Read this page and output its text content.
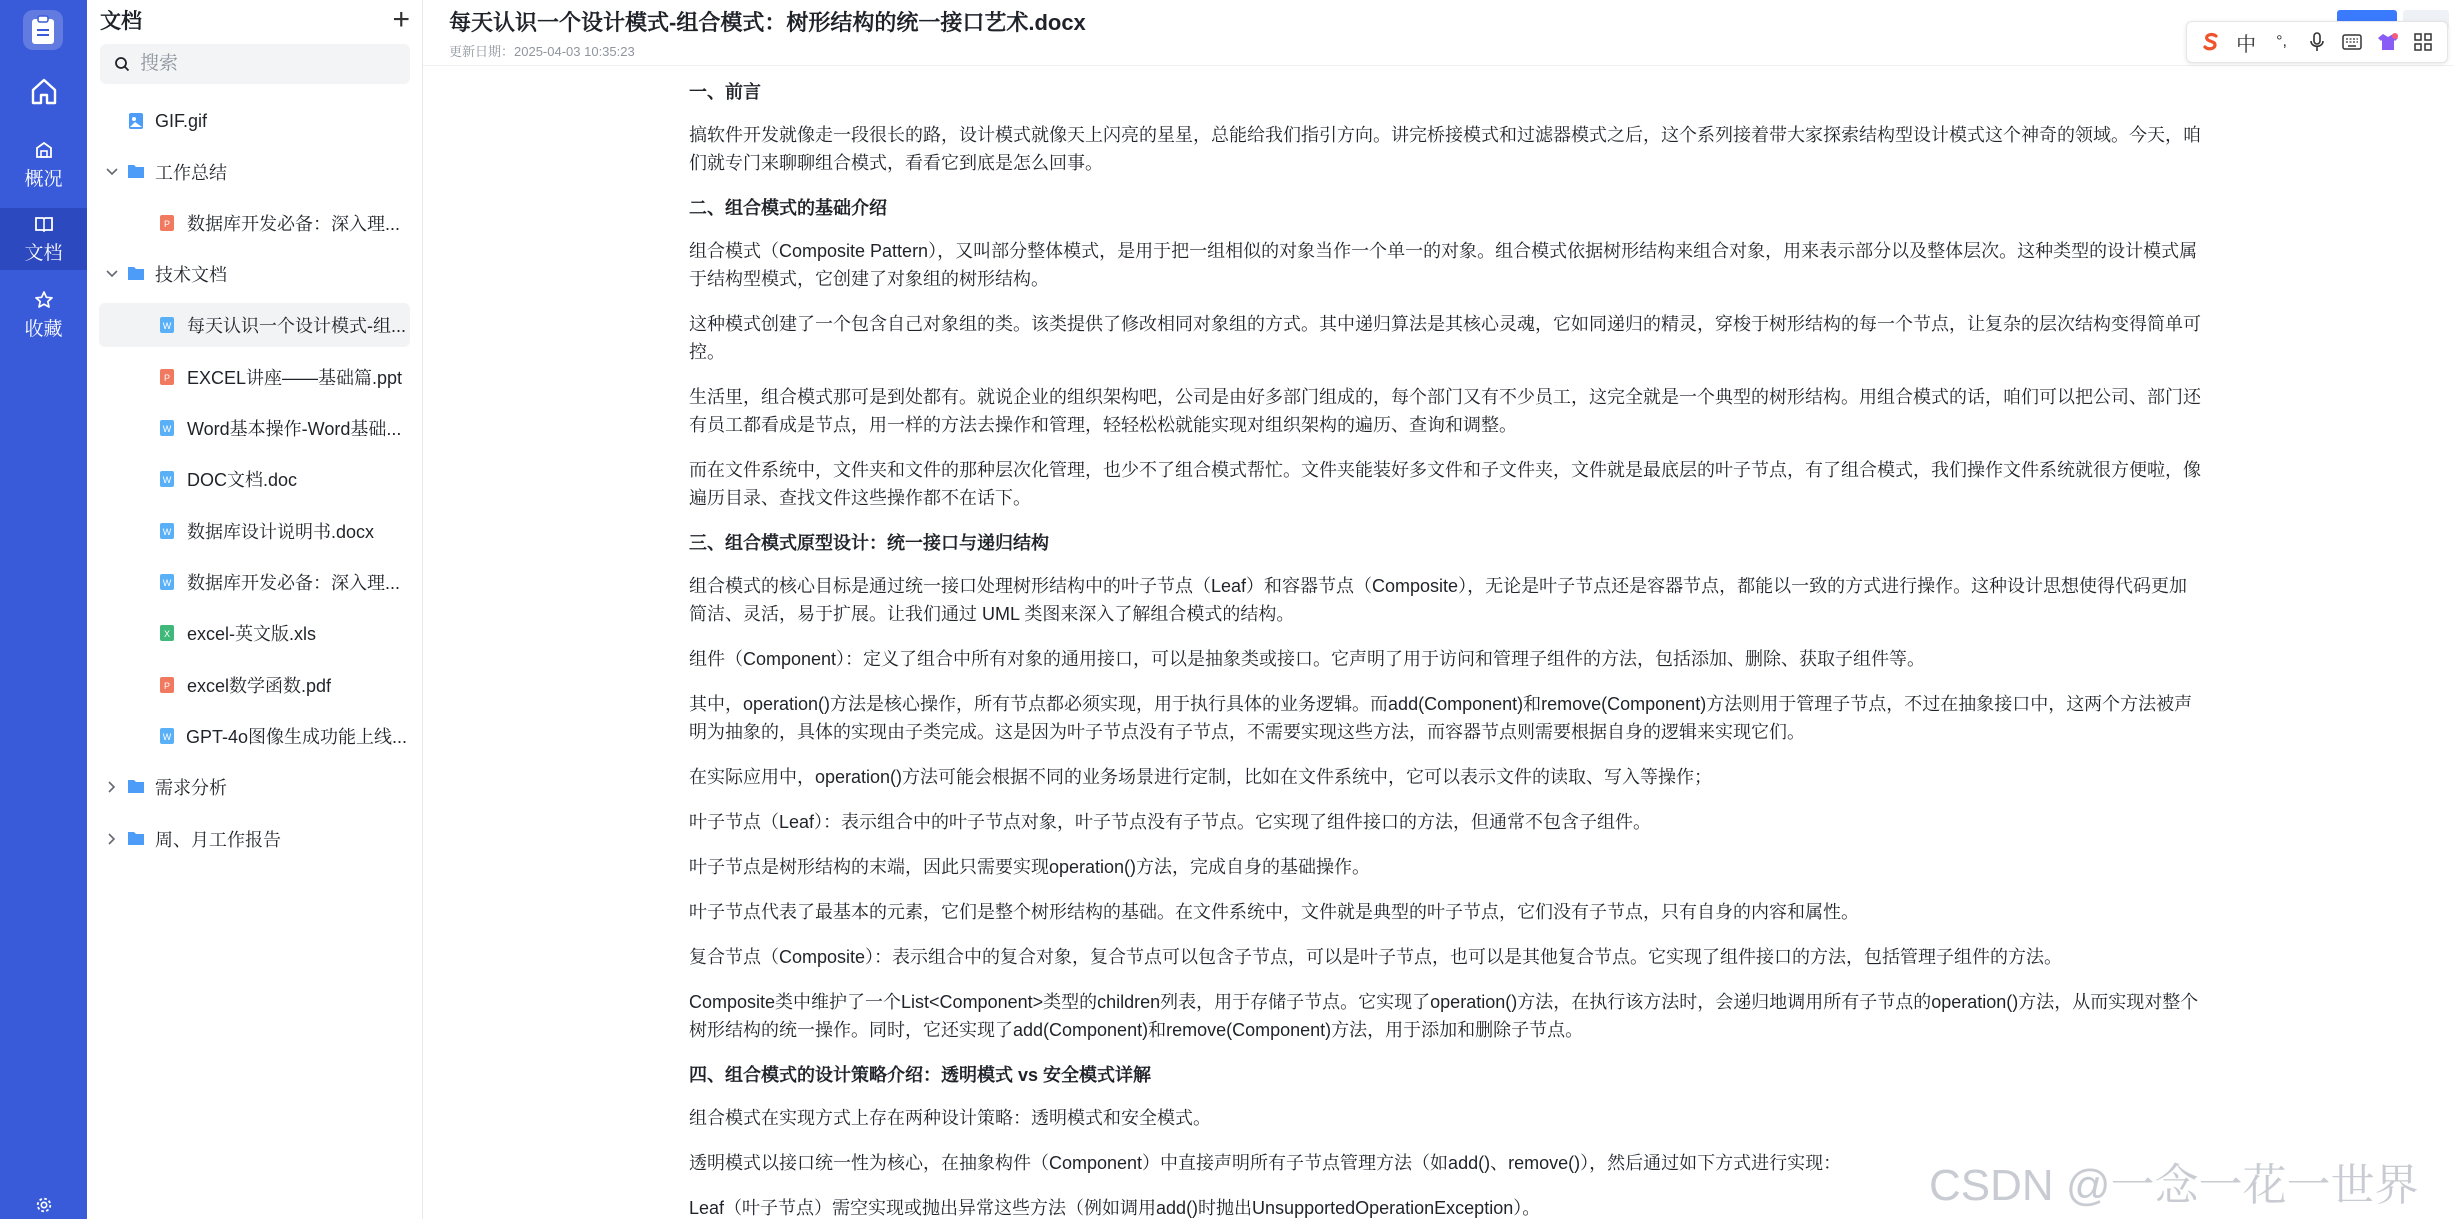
概况
文档
收藏
文档	+
搜索
GIF.gif
工作总结
P 数据库开发必备：深入理...
技术文档
W 每天认识一个设计模式-组...
P EXCEL讲座——基础篇.ppt
W Word基本操作-Word基础...
W DOC文档.doc
W 数据库设计说明书.docx
W 数据库开发必备：深入理...
X excel-英文版.xls
P excel数学函数.pdf
W GPT-4o图像生成功能上线...
需求分析
周、月工作报告
每天认识一个设计模式-组合模式：树形结构的统一接口艺术.docx
更新日期：2025-04-03 10:35:23	中	°,
一、前言

搞软件开发就像走一段很长的路，设计模式就像天上闪亮的星星，总能给我们指引方向。讲完桥接模式和过滤器模式之后，这个系列接着带大家探索结构型设计模式这个神奇的领域。今天，咱们就专门来聊聊组合模式，看看它到底是怎么回事。

二、组合模式的基础介绍

组合模式（Composite Pattern），又叫部分整体模式，是用于把一组相似的对象当作一个单一的对象。组合模式依据树形结构来组合对象，用来表示部分以及整体层次。这种类型的设计模式属于结构型模式，它创建了对象组的树形结构。

这种模式创建了一个包含自己对象组的类。该类提供了修改相同对象组的方式。其中递归算法是其核心灵魂，它如同递归的精灵，穿梭于树形结构的每一个节点，让复杂的层次结构变得简单可控。

生活里，组合模式那可是到处都有。就说企业的组织架构吧，公司是由好多部门组成的，每个部门又有不少员工，这完全就是一个典型的树形结构。用组合模式的话，咱们可以把公司、部门还有员工都看成是节点，用一样的方法去操作和管理，轻轻松松就能实现对组织架构的遍历、查询和调整。

而在文件系统中，文件夹和文件的那种层次化管理，也少不了组合模式帮忙。文件夹能装好多文件和子文件夹，文件就是最底层的叶子节点，有了组合模式，我们操作文件系统就很方便啦，像遍历目录、查找文件这些操作都不在话下。

三、组合模式原型设计：统一接口与递归结构

组合模式的核心目标是通过统一接口处理树形结构中的叶子节点（Leaf）和容器节点（Composite），无论是叶子节点还是容器节点，都能以一致的方式进行操作。这种设计思想使得代码更加简洁、灵活，易于扩展。让我们通过 UML 类图来深入了解组合模式的结构。

组件（Component）：定义了组合中所有对象的通用接口，可以是抽象类或接口。它声明了用于访问和管理子组件的方法，包括添加、删除、获取子组件等。

其中，operation()方法是核心操作，所有节点都必须实现，用于执行具体的业务逻辑。而add(Component)和remove(Component)方法则用于管理子节点，不过在抽象接口中，这两个方法被声明为抽象的，具体的实现由子类完成。这是因为叶子节点没有子节点，不需要实现这些方法，而容器节点则需要根据自身的逻辑来实现它们。

在实际应用中，operation()方法可能会根据不同的业务场景进行定制，比如在文件系统中，它可以表示文件的读取、写入等操作；

叶子节点（Leaf）：表示组合中的叶子节点对象，叶子节点没有子节点。它实现了组件接口的方法，但通常不包含子组件。

叶子节点是树形结构的末端，因此只需要实现operation()方法，完成自身的基础操作。

叶子节点代表了最基本的元素，它们是整个树形结构的基础。在文件系统中，文件就是典型的叶子节点，它们没有子节点，只有自身的内容和属性。

复合节点（Composite）：表示组合中的复合对象，复合节点可以包含子节点，可以是叶子节点，也可以是其他复合节点。它实现了组件接口的方法，包括管理子组件的方法。

Composite类中维护了一个List<Component>类型的children列表，用于存储子节点。它实现了operation()方法，在执行该方法时，会递归地调用所有子节点的operation()方法，从而实现对整个树形结构的统一操作。同时，它还实现了add(Component)和remove(Component)方法，用于添加和删除子节点。

四、组合模式的设计策略介绍：透明模式 vs 安全模式详解

组合模式在实现方式上存在两种设计策略：透明模式和安全模式。

透明模式以接口统一性为核心，在抽象构件（Component）中直接声明所有子节点管理方法（如add()、remove()），然后通过如下方式进行实现：

Leaf（叶子节点）需空实现或抛出异常这些方法（例如调用add()时抛出UnsupportedOperationException）。	CSDN @一念一花一世界
